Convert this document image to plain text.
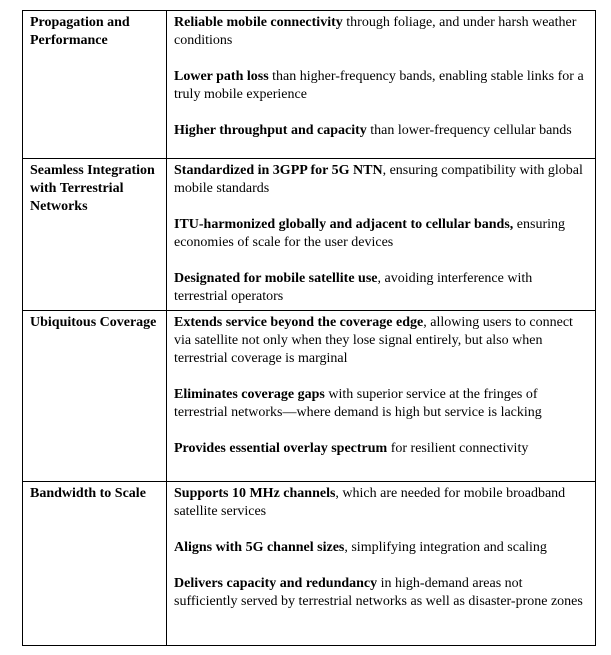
Propagation and Performance	Reliable mobile connectivity through foliage, and under harsh weather conditions

Lower path loss than higher-frequency bands, enabling stable links for a truly mobile experience

Higher throughput and capacity than lower-frequency cellular bands

Seamless Integration with Terrestrial Networks	Standardized in 3GPP for 5G NTN, ensuring compatibility with global mobile standards

ITU-harmonized globally and adjacent to cellular bands, ensuring economies of scale for the user devices

Designated for mobile satellite use, avoiding interference with terrestrial operators

Ubiquitous Coverage	Extends service beyond the coverage edge, allowing users to connect via satellite not only when they lose signal entirely, but also when terrestrial coverage is marginal

Eliminates coverage gaps with superior service at the fringes of terrestrial networks—where demand is high but service is lacking

Provides essential overlay spectrum for resilient connectivity

Bandwidth to Scale	Supports 10 MHz channels, which are needed for mobile broadband satellite services

Aligns with 5G channel sizes, simplifying integration and scaling

Delivers capacity and redundancy in high-demand areas not sufficiently served by terrestrial networks as well as disaster-prone zones
